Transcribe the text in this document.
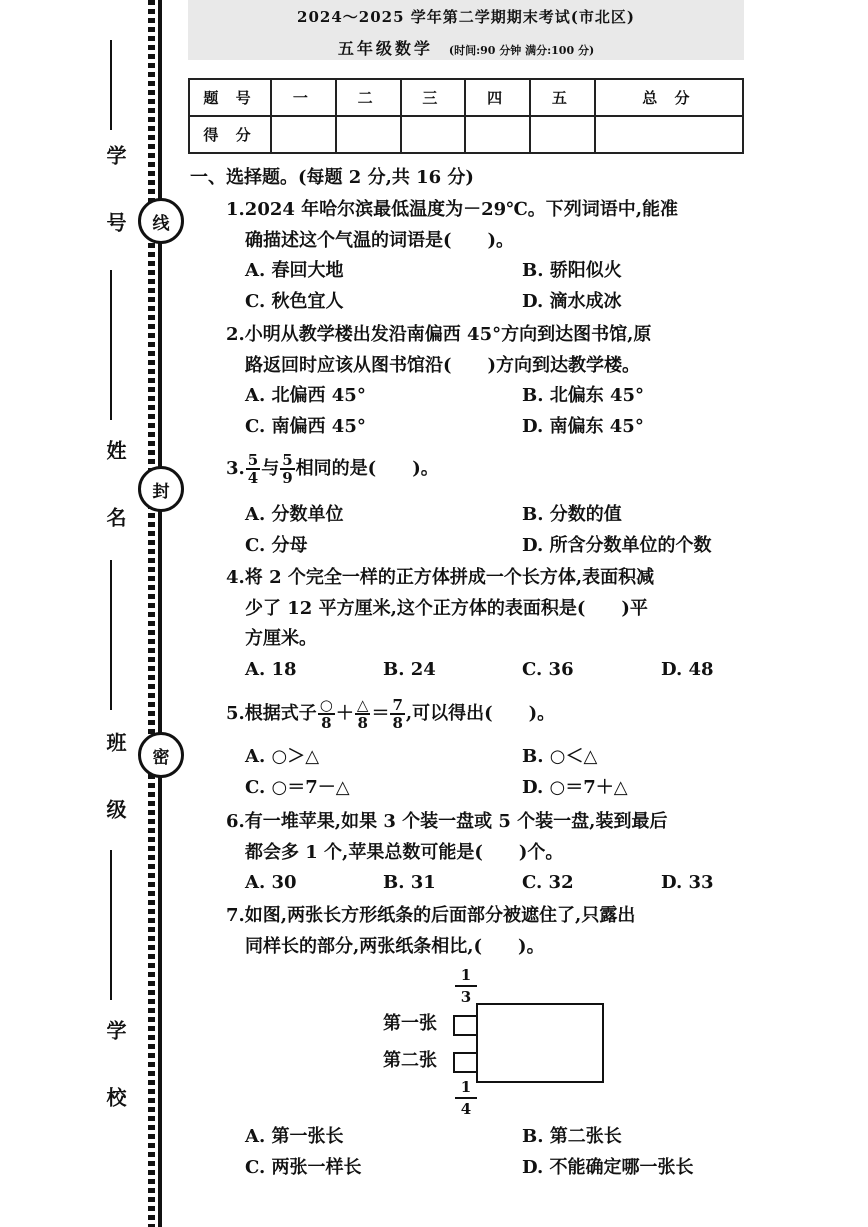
2024～2025 学年第二学期期末考试(市北区)
五年级数学 (时间:90 分钟 满分:100 分)
题 号	一	二	三	四	五	总 分
得 分						
线
封
密
学 号
姓 名
班 级
学 校
一、选择题。(每题 2 分,共 16 分)
1.2024 年哈尔滨最低温度为－29℃。下列词语中,能准
确描述这个气温的词语是(　　)。
A. 春回大地	B. 骄阳似火
C. 秋色宜人	D. 滴水成冰
2.小明从教学楼出发沿南偏西 45°方向到达图书馆,原
路返回时应该从图书馆沿(　　)方向到达教学楼。
A. 北偏西 45°	B. 北偏东 45°
C. 南偏西 45°	D. 南偏东 45°
3. $\frac{5}{4}$ 与 $\frac{5}{9}$ 相同的是(　　)。
A. 分数单位	B. 分数的值
C. 分母	D. 所含分数单位的个数
4.将 2 个完全一样的正方体拼成一个长方体,表面积减
少了 12 平方厘米,这个正方体的表面积是(　　)平
方厘米。
A. 18	B. 24	C. 36	D. 48
5.根据式子 $\frac{○}{8} + \frac{\triangle}{8} = \frac{7}{8}$ ,可以得出(　　)。
A. ○＞△	B. ○＜△
C. ○＝7－△	D. ○＝7＋△
6.有一堆苹果,如果 3 个装一盘或 5 个装一盘,装到最后
都会多 1 个,苹果总数可能是(　　)个。
A. 30	B. 31	C. 32	D. 33
7.如图,两张长方形纸条的后面部分被遮住了,只露出
同样长的部分,两张纸条相比,(　　)。
1
3
第一张
第二张
1
4
A. 第一张长	B. 第二张长
C. 两张一样长	D. 不能确定哪一张长
